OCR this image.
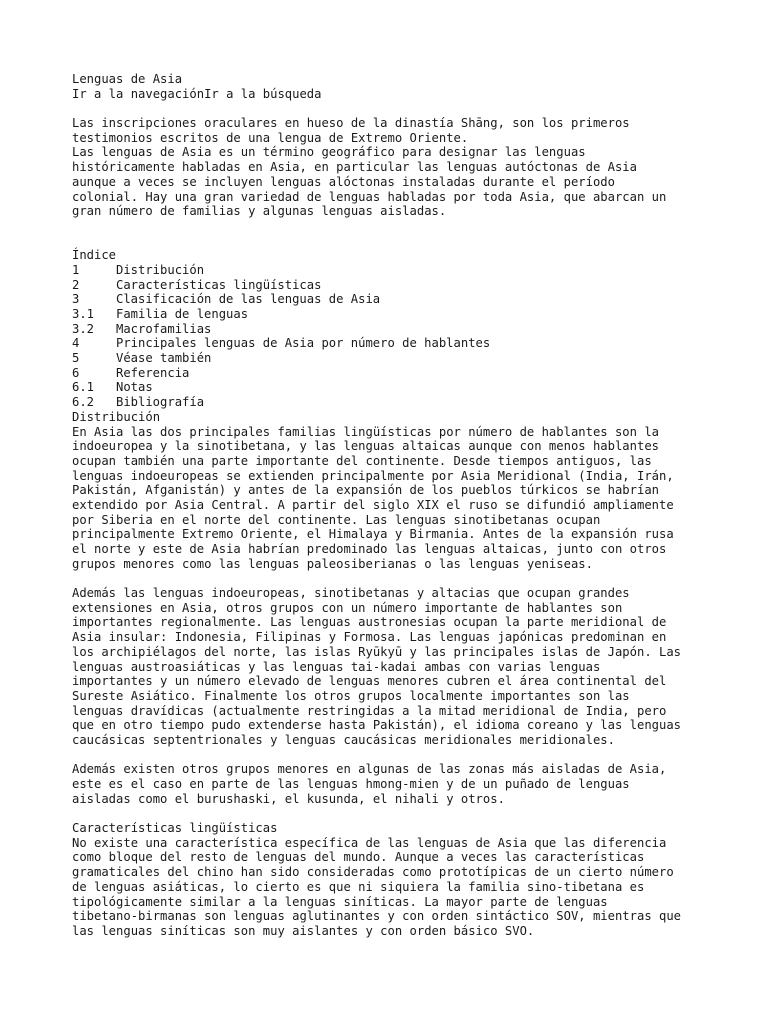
Lenguas de Asia
Ir a la navegaciónIr a la búsqueda
Las inscripciones oraculares en hueso de la dinastía Shāng, son los primeros
testimonios escritos de una lengua de Extremo Oriente.
Las lenguas de Asia es un término geográfico para designar las lenguas
históricamente habladas en Asia, en particular las lenguas autóctonas de Asia
aunque a veces se incluyen lenguas alóctonas instaladas durante el período
colonial. Hay una gran variedad de lenguas habladas por toda Asia, que abarcan un
gran número de familias y algunas lenguas aisladas.
Índice
1	Distribución
2	Características lingüísticas
3	Clasificación de las lenguas de Asia
3.1	Familia de lenguas
3.2	Macrofamilias
4	Principales lenguas de Asia por número de hablantes
5	Véase también
6	Referencia
6.1	Notas
6.2	Bibliografía
Distribución
En Asia las dos principales familias lingüísticas por número de hablantes son la
indoeuropea y la sinotibetana, y las lenguas altaicas aunque con menos hablantes
ocupan también una parte importante del continente. Desde tiempos antiguos, las
lenguas indoeuropeas se extienden principalmente por Asia Meridional (India, Irán,
Pakistán, Afganistán) y antes de la expansión de los pueblos túrkicos se habrían
extendido por Asia Central. A partir del siglo XIX el ruso se difundió ampliamente
por Siberia en el norte del continente. Las lenguas sinotibetanas ocupan
principalmente Extremo Oriente, el Himalaya y Birmania. Antes de la expansión rusa
el norte y este de Asia habrían predominado las lenguas altaicas, junto con otros
grupos menores como las lenguas paleosiberianas o las lenguas yeniseas.
Además las lenguas indoeuropeas, sinotibetanas y altacias que ocupan grandes
extensiones en Asia, otros grupos con un número importante de hablantes son
importantes regionalmente. Las lenguas austronesias ocupan la parte meridional de
Asia insular: Indonesia, Filipinas y Formosa. Las lenguas japónicas predominan en
los archipiélagos del norte, las islas Ryūkyū y las principales islas de Japón. Las
lenguas austroasiáticas y las lenguas tai-kadai ambas con varias lenguas
importantes y un número elevado de lenguas menores cubren el área continental del
Sureste Asiático. Finalmente los otros grupos localmente importantes son las
lenguas dravídicas (actualmente restringidas a la mitad meridional de India, pero
que en otro tiempo pudo extenderse hasta Pakistán), el idioma coreano y las lenguas
caucásicas septentrionales y lenguas caucásicas meridionales meridionales.
Además existen otros grupos menores en algunas de las zonas más aisladas de Asia,
este es el caso en parte de las lenguas hmong-mien y de un puñado de lenguas
aisladas como el burushaski, el kusunda, el nihali y otros.
Características lingüísticas
No existe una característica específica de las lenguas de Asia que las diferencia
como bloque del resto de lenguas del mundo. Aunque a veces las características
gramaticales del chino han sido consideradas como prototípicas de un cierto número
de lenguas asiáticas, lo cierto es que ni siquiera la familia sino-tibetana es
tipológicamente similar a la lenguas siníticas. La mayor parte de lenguas
tibetano-birmanas son lenguas aglutinantes y con orden sintáctico SOV, mientras que
las lenguas siníticas son muy aislantes y con orden básico SVO.
